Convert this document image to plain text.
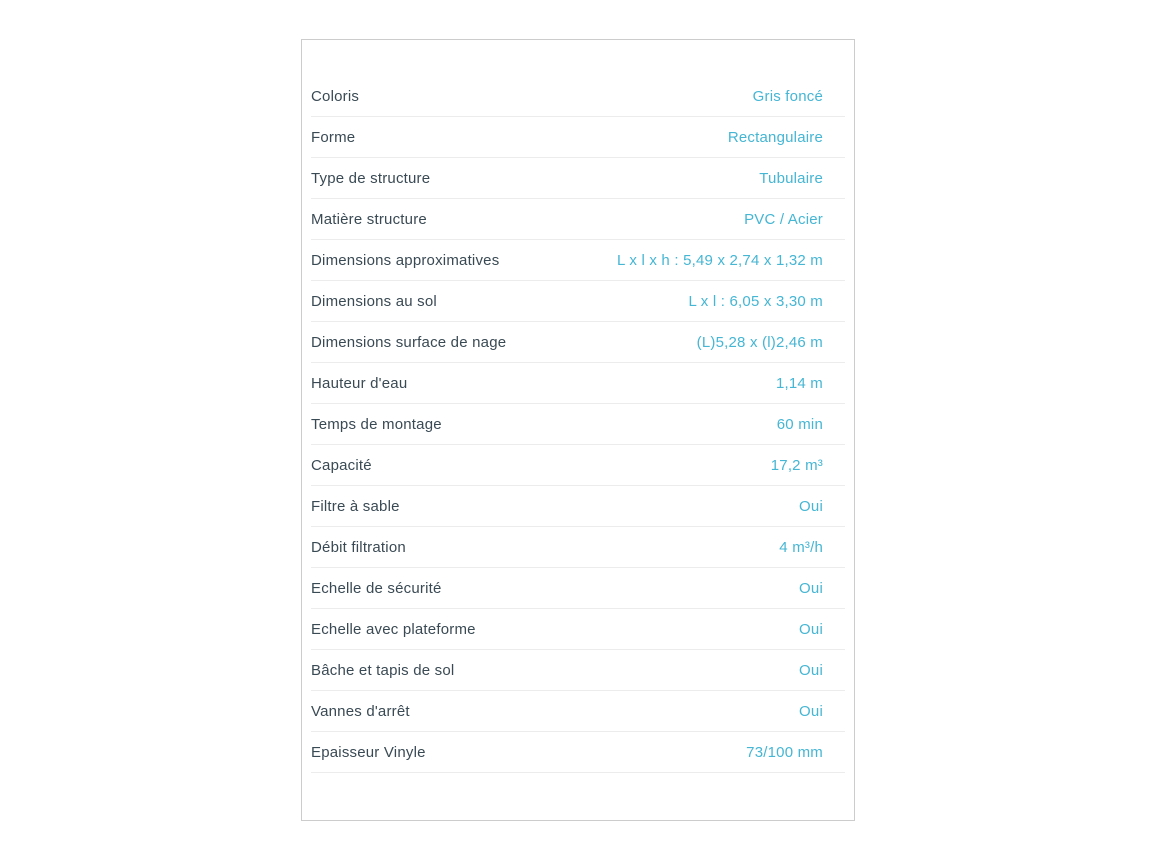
Coloris	Gris foncé
Forme	Rectangulaire
Type de structure	Tubulaire
Matière structure	PVC / Acier
Dimensions approximatives	L x l x h : 5,49 x 2,74 x 1,32 m
Dimensions au sol	L x l : 6,05 x 3,30 m
Dimensions surface de nage	(L)5,28 x (l)2,46 m
Hauteur d'eau	1,14 m
Temps de montage	60 min
Capacité	17,2 m³
Filtre à sable	Oui
Débit filtration	4 m³/h
Echelle de sécurité	Oui
Echelle avec plateforme	Oui
Bâche et tapis de sol	Oui
Vannes d'arrêt	Oui
Epaisseur Vinyle	73/100 mm
